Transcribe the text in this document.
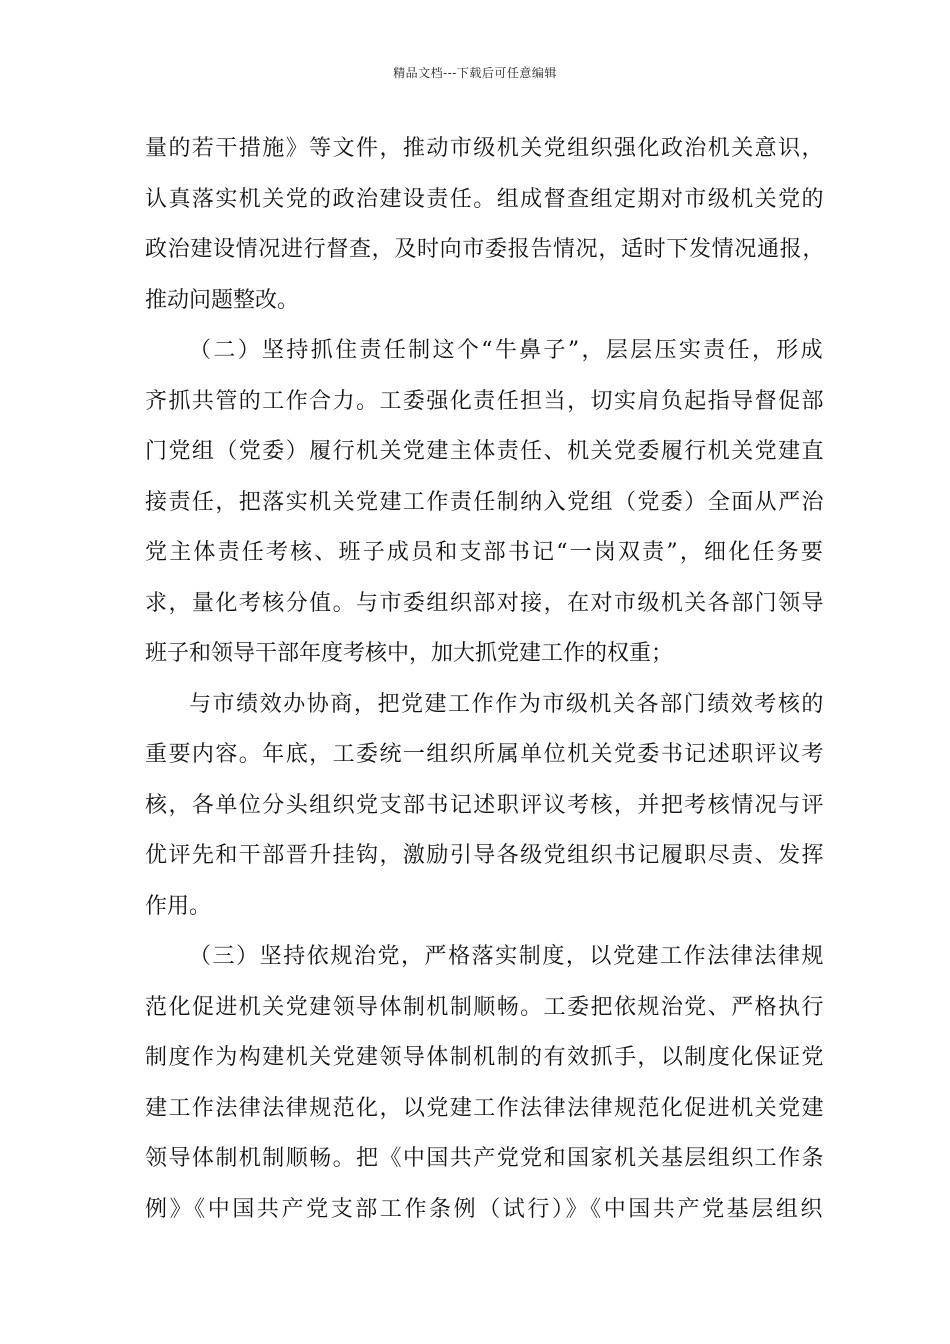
精品文档---下载后可任意编辑
量的若干措施》等文件，推动市级机关党组织强化政治机关意识，
认真落实机关党的政治建设责任。组成督查组定期对市级机关党的
政治建设情况进行督查，及时向市委报告情况，适时下发情况通报，
推动问题整改。
（二）坚持抓住责任制这个“牛鼻子”，层层压实责任，形成
齐抓共管的工作合力。工委强化责任担当，切实肩负起指导督促部
门党组（党委）履行机关党建主体责任、机关党委履行机关党建直
接责任，把落实机关党建工作责任制纳入党组（党委）全面从严治
党主体责任考核、班子成员和支部书记“一岗双责”，细化任务要
求，量化考核分值。与市委组织部对接，在对市级机关各部门领导
班子和领导干部年度考核中，加大抓党建工作的权重；
与市绩效办协商，把党建工作作为市级机关各部门绩效考核的
重要内容。年底，工委统一组织所属单位机关党委书记述职评议考
核，各单位分头组织党支部书记述职评议考核，并把考核情况与评
优评先和干部晋升挂钩，激励引导各级党组织书记履职尽责、发挥
作用。
（三）坚持依规治党，严格落实制度，以党建工作法律法律规
范化促进机关党建领导体制机制顺畅。工委把依规治党、严格执行
制度作为构建机关党建领导体制机制的有效抓手，以制度化保证党
建工作法律法律规范化，以党建工作法律法律规范化促进机关党建
领导体制机制顺畅。把《中国共产党党和国家机关基层组织工作条
例》《中国共产党支部工作条例（试行）》《中国共产党基层组织
